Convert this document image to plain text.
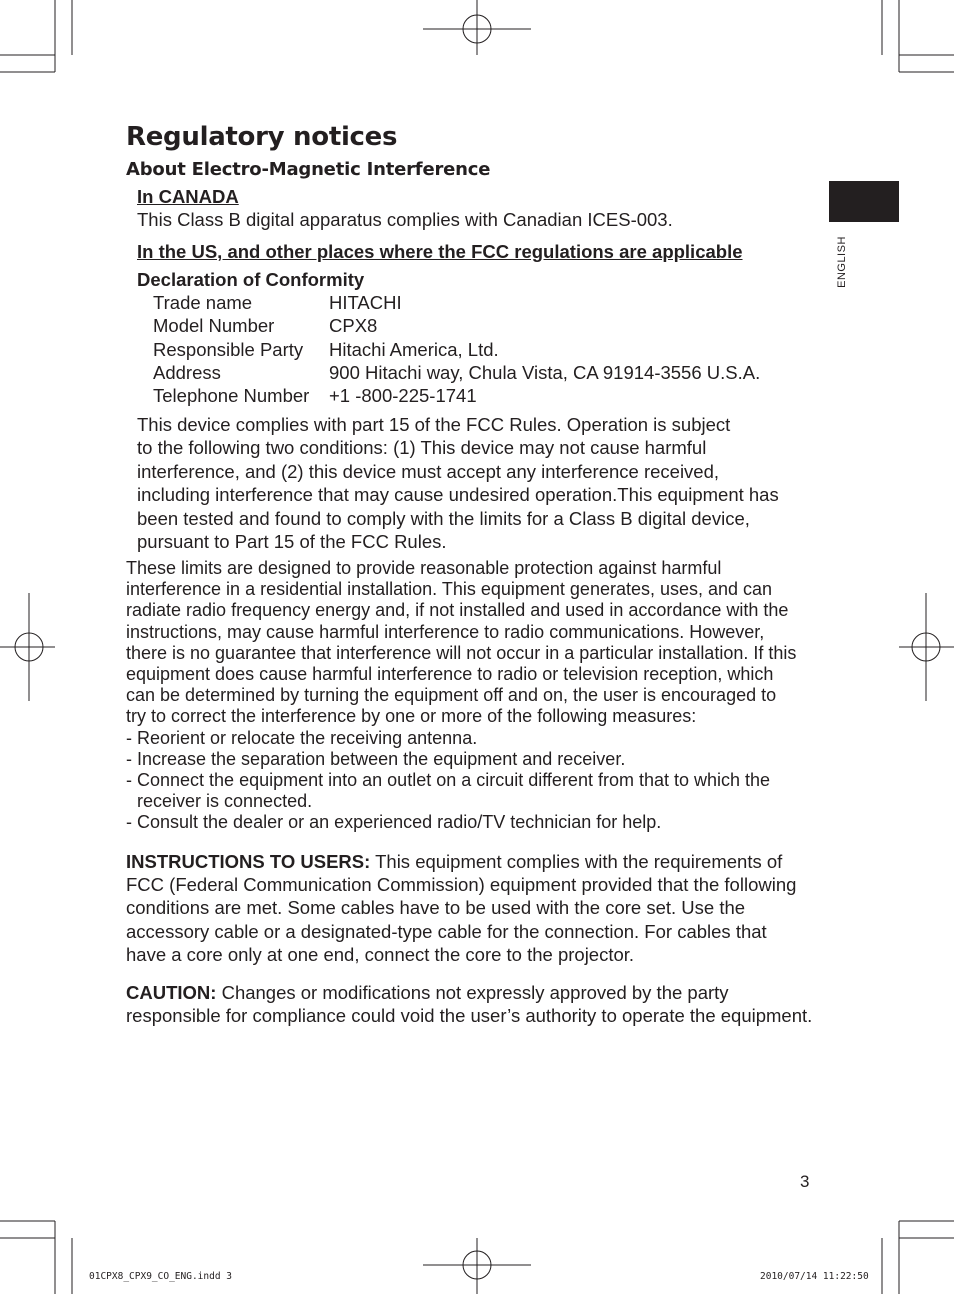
ENGLISH
Regulatory notices
About Electro-Magnetic Interference
In CANADA
This Class B digital apparatus complies with Canadian ICES-003.
In the US, and other places where the FCC regulations are applicable
Declaration of Conformity
Trade name	HITACHI
Model Number	CPX8
Responsible Party Hitachi America, Ltd.
Address	900 Hitachi way, Chula Vista, CA 91914-3556 U.S.A.
Telephone Number +1 -800-225-1741
This device complies with part 15 of the FCC Rules. Operation is subject
to the following two conditions: (1) This device may not cause harmful
interference, and (2) this device must accept any interference received,
including interference that may cause undesired operation.This equipment has
been tested and found to comply with the limits for a Class B digital device,
pursuant to Part 15 of the FCC Rules.
These limits are designed to provide reasonable protection against harmful
interference in a residential installation. This equipment generates, uses, and can
radiate radio frequency energy and, if not installed and used in accordance with the
instructions, may cause harmful interference to radio communications. However,
there is no guarantee that interference will not occur in a particular installation. If this
equipment does cause harmful interference to radio or television reception, which
can be determined by turning the equipment off and on, the user is encouraged to
try to correct the interference by one or more of the following measures:
- Reorient or relocate the receiving antenna.
- Increase the separation between the equipment and receiver.
- Connect the equipment into an outlet on a circuit different from that to which the
receiver is connected.
- Consult the dealer or an experienced radio/TV technician for help.
INSTRUCTIONS TO USERS: This equipment complies with the requirements of
FCC (Federal Communication Commission) equipment provided that the following
conditions are met. Some cables have to be used with the core set. Use the
accessory cable or a designated-type cable for the connection. For cables that
have a core only at one end, connect the core to the projector.
CAUTION: Changes or modifications not expressly approved by the party
responsible for compliance could void the user’s authority to operate the equipment.
3
01CPX8_CPX9_CO_ENG.indd 3	2010/07/14 11:22:50
